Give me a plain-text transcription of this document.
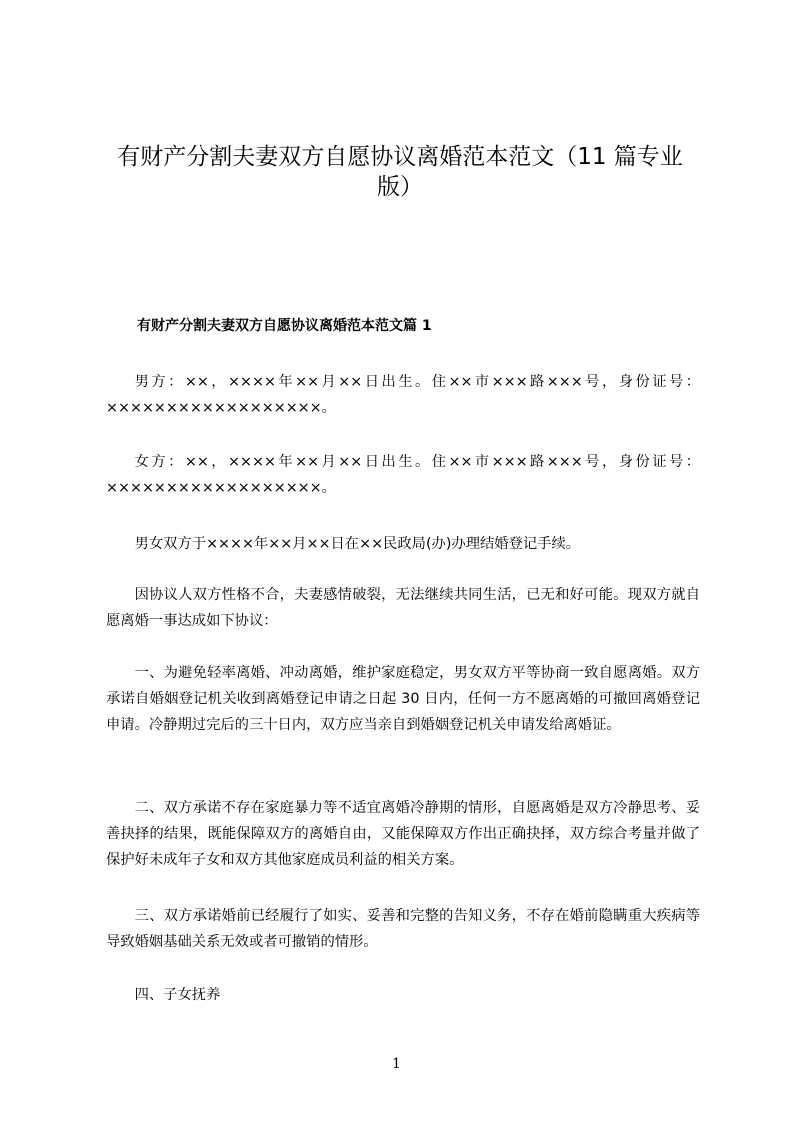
有财产分割夫妻双方自愿协议离婚范本范文（11 篇专业版）
有财产分割夫妻双方自愿协议离婚范本范文篇 1

男方：××，××××年××月××日出生。住××市×××路×××号，身份证号：××××××××××××××××××。

女方：××，××××年××月××日出生。住××市×××路×××号，身份证号：××××××××××××××××××。

男女双方于××××年××月××日在××民政局(办)办理结婚登记手续。

因协议人双方性格不合，夫妻感情破裂，无法继续共同生活，已无和好可能。现双方就自愿离婚一事达成如下协议：

一、为避免轻率离婚、冲动离婚，维护家庭稳定，男女双方平等协商一致自愿离婚。双方承诺自婚姻登记机关收到离婚登记申请之日起 30 日内，任何一方不愿离婚的可撤回离婚登记申请。冷静期过完后的三十日内，双方应当亲自到婚姻登记机关申请发给离婚证。

二、双方承诺不存在家庭暴力等不适宜离婚冷静期的情形，自愿离婚是双方冷静思考、妥善抉择的结果，既能保障双方的离婚自由，又能保障双方作出正确抉择，双方综合考量并做了保护好未成年子女和双方其他家庭成员利益的相关方案。

三、双方承诺婚前已经履行了如实、妥善和完整的告知义务，不存在婚前隐瞒重大疾病等导致婚姻基础关系无效或者可撤销的情形。

四、子女抚养

1
